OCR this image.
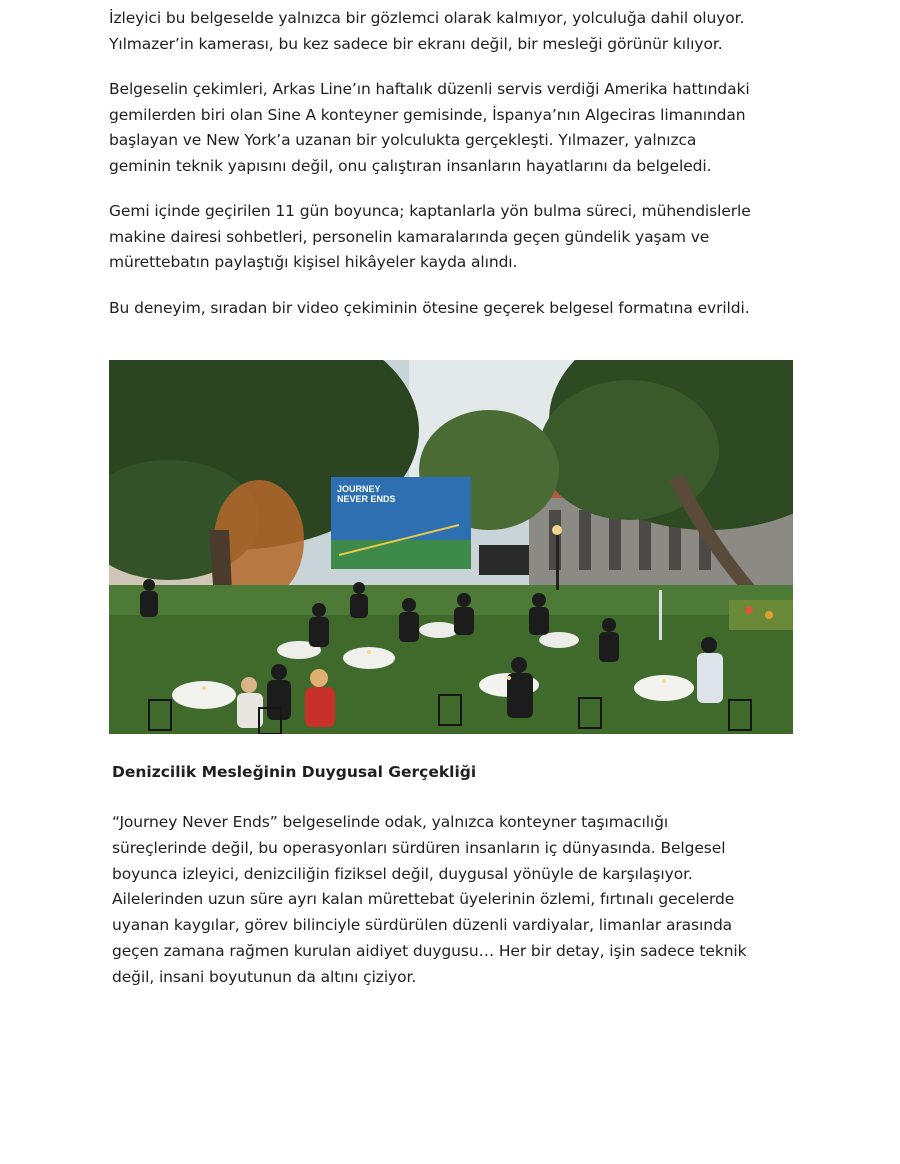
İzleyici bu belgeselde yalnızca bir gözlemci olarak kalmıyor, yolculuğa dahil oluyor.
Yılmazer’in kamerası, bu kez sadece bir ekranı değil, bir mesleği görünür kılıyor.

Belgeselin çekimleri, Arkas Line’ın haftalık düzenli servis verdiği Amerika hattındaki
gemilerden biri olan Sine A konteyner gemisinde, İspanya’nın Algeciras limanından
başlayan ve New York’a uzanan bir yolculukta gerçekleşti. Yılmazer, yalnızca
geminin teknik yapısını değil, onu çalıştıran insanların hayatlarını da belgeledi.

Gemi içinde geçirilen 11 gün boyunca; kaptanlarla yön bulma süreci, mühendislerle
makine dairesi sohbetleri, personelin kamaralarında geçen gündelik yaşam ve
mürettebatın paylaştığı kişisel hikâyeler kayda alındı.

Bu deneyim, sıradan bir video çekiminin ötesine geçerek belgesel formatına evrildi.

JOURNEY
NEVER ENDS
Denizcilik Mesleğinin Duygusal Gerçekliği

“Journey Never Ends” belgeselinde odak, yalnızca konteyner taşımacılığı
süreçlerinde değil, bu operasyonları sürdüren insanların iç dünyasında. Belgesel
boyunca izleyici, denizciliğin fiziksel değil, duygusal yönüyle de karşılaşıyor.
Ailelerinden uzun süre ayrı kalan mürettebat üyelerinin özlemi, fırtınalı gecelerde
uyanan kaygılar, görev bilinciyle sürdürülen düzenli vardiyalar, limanlar arasında
geçen zamana rağmen kurulan aidiyet duygusu… Her bir detay, işin sadece teknik
değil, insani boyutunun da altını çiziyor.
